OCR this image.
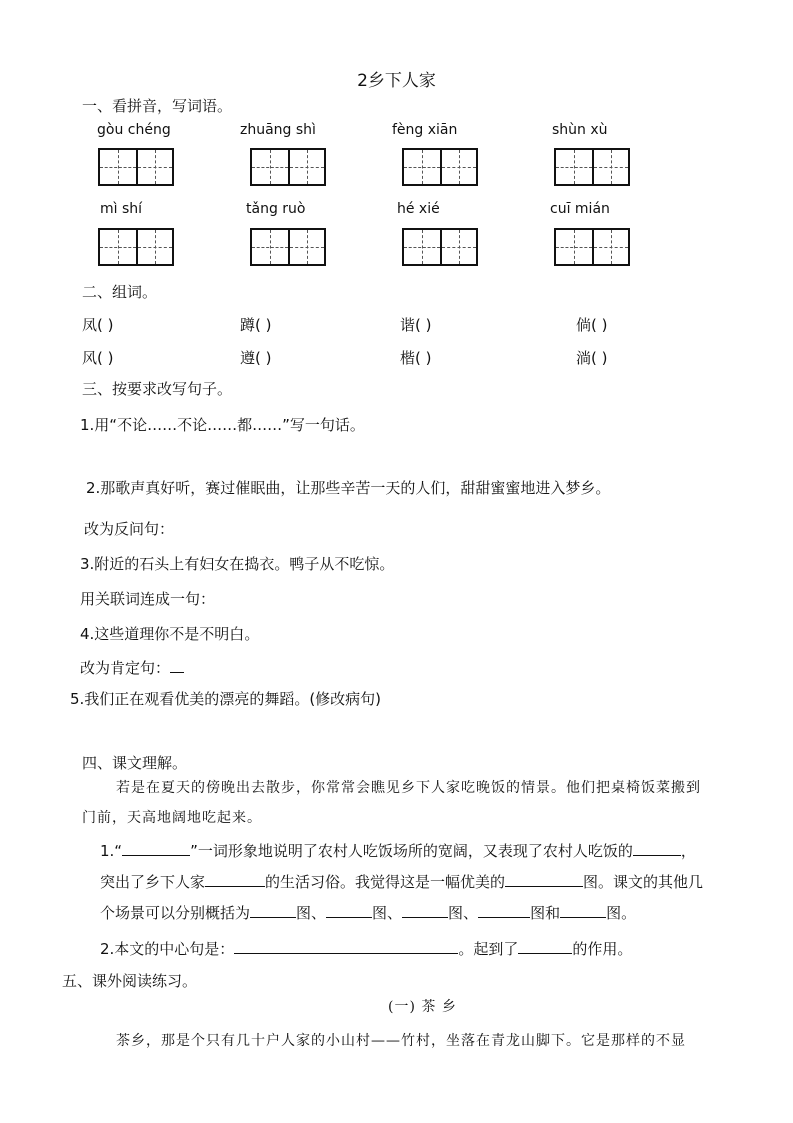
2乡下人家
一、看拼音，写词语。
gòu chéng	zhuāng shì	fèng xiān	shùn xù
mì shí	tǎng ruò	hé xié	cuī mián
二、组词。
凤( )	蹲( )	谐( )	倘( )
风( )	遵( )	楷( )	淌( )
三、按要求改写句子。
1.用“不论……不论……都……”写一句话。
2.那歌声真好听，赛过催眠曲，让那些辛苦一天的人们，甜甜蜜蜜地进入梦乡。
改为反问句：
3.附近的石头上有妇女在捣衣。鸭子从不吃惊。
用关联词连成一句：
4.这些道理你不是不明白。
改为肯定句：
5.我们正在观看优美的漂亮的舞蹈。(修改病句)
四、课文理解。
若是在夏天的傍晚出去散步，你常常会瞧见乡下人家吃晚饭的情景。他们把桌椅饭菜搬到
门前，天高地阔地吃起来。
1.“	”一词形象地说明了农村人吃饭场所的宽阔，又表现了农村人吃饭的	，
突出了乡下人家	的生活习俗。我觉得这是一幅优美的	图。课文的其他几
个场景可以分别概括为	图、	图、	图、	图和	图。
2.本文的中心句是：	。起到了	的作用。
五、课外阅读练习。
(一) 茶 乡
茶乡，那是个只有几十户人家的小山村——竹村，坐落在青龙山脚下。它是那样的不显
